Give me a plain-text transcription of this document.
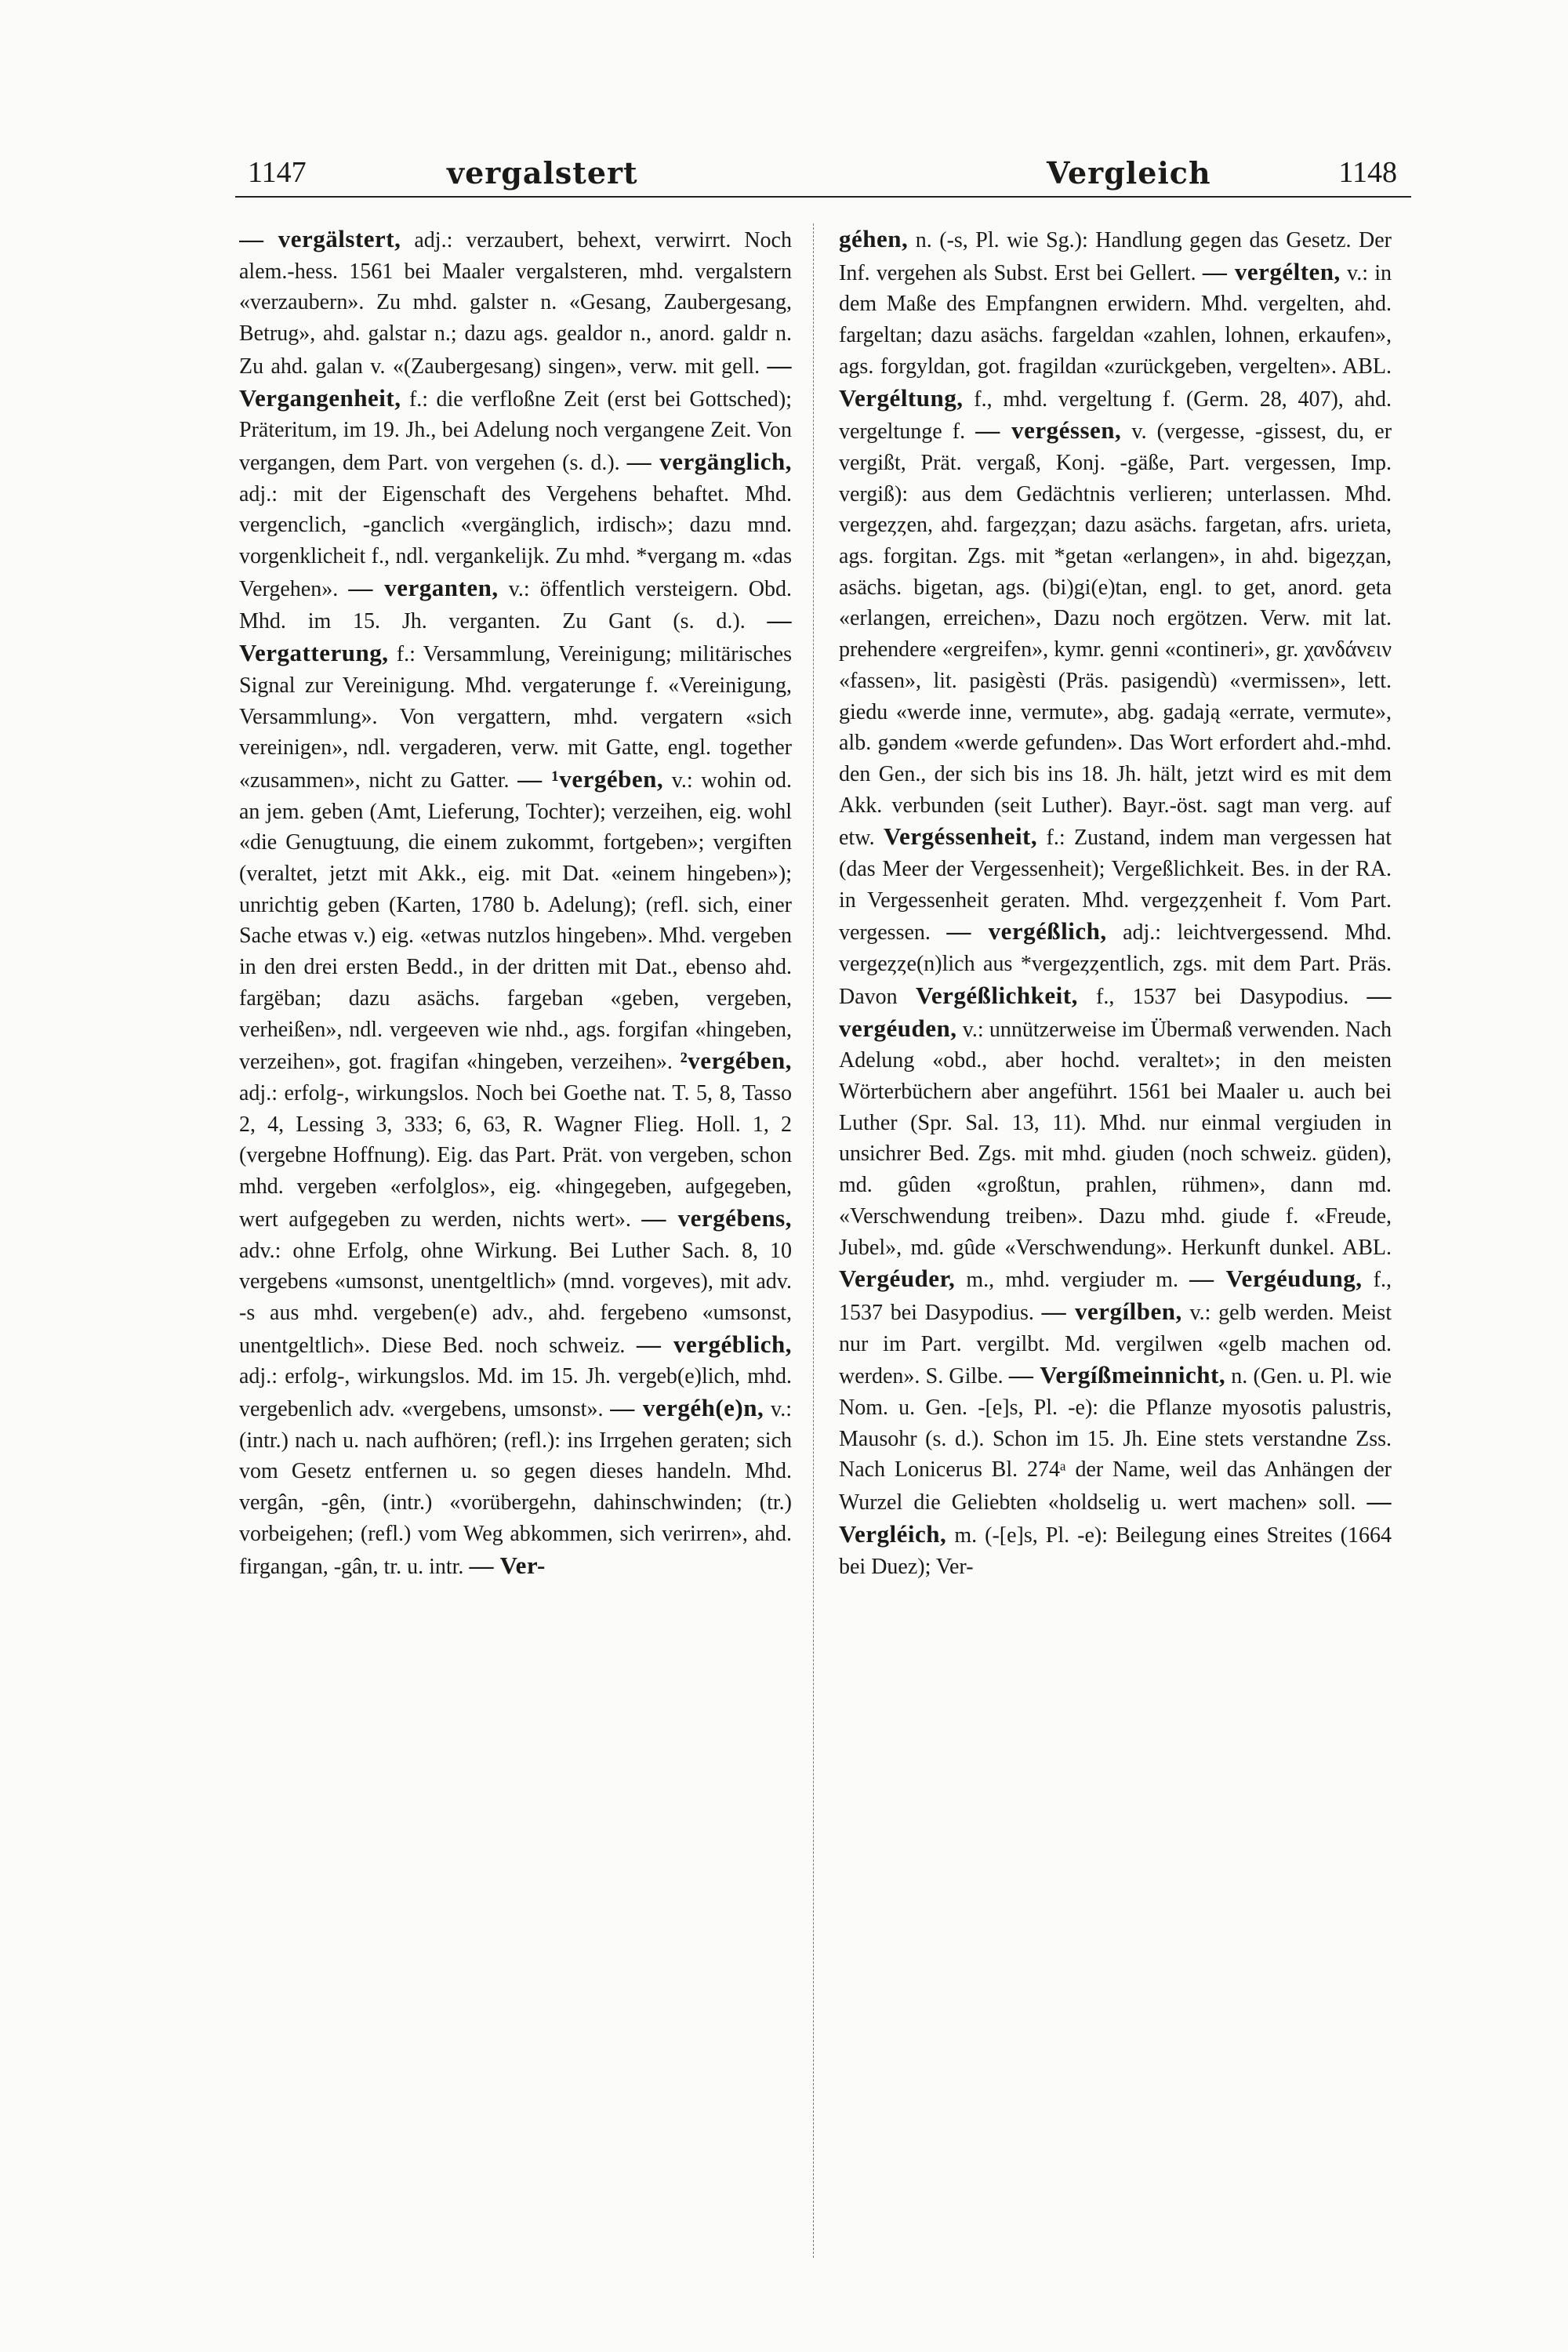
1147	vergalstert	Vergleich	1148

— vergälstert, adj.: verzaubert, behext, verwirrt. Noch alem.-hess. 1561 bei Maaler vergalsteren, mhd. vergalstern «verzaubern». Zu mhd. galster n. «Gesang, Zaubergesang, Betrug», ahd. galstar n.; dazu ags. gealdor n., anord. galdr n. Zu ahd. galan v. «(Zaubergesang) singen», verw. mit gell. — Vergangenheit, f.: die verfloßne Zeit (erst bei Gottsched); Präteritum, im 19. Jh., bei Adelung noch vergangene Zeit. Von vergangen, dem Part. von vergehen (s. d.). — vergänglich, adj.: mit der Eigenschaft des Vergehens behaftet. Mhd. vergenclich, -ganclich «vergänglich, irdisch»; dazu mnd. vorgenklicheit f., ndl. vergankelijk. Zu mhd. *vergang m. «das Vergehen». — verganten, v.: öffentlich versteigern. Obd. Mhd. im 15. Jh. verganten. Zu Gant (s. d.). — Vergatterung, f.: Versammlung, Vereinigung; militärisches Signal zur Vereinigung. Mhd. vergaterunge f. «Vereinigung, Versammlung». Von vergattern, mhd. vergatern «sich vereinigen», ndl. vergaderen, verw. mit Gatte, engl. together «zusammen», nicht zu Gatter. — ¹vergében, v.: wohin od. an jem. geben (Amt, Lieferung, Tochter); verzeihen, eig. wohl «die Genugtuung, die einem zukommt, fortgeben»; vergiften (veraltet, jetzt mit Akk., eig. mit Dat. «einem hingeben»); unrichtig geben (Karten, 1780 b. Adelung); (refl. sich, einer Sache etwas v.) eig. «etwas nutzlos hingeben». Mhd. vergeben in den drei ersten Bedd., in der dritten mit Dat., ebenso ahd. fargëban; dazu asächs. fargeban «geben, vergeben, verheißen», ndl. vergeeven wie nhd., ags. forgifan «hingeben, verzeihen», got. fragifan «hingeben, verzeihen». ²vergében, adj.: erfolg-, wirkungslos. Noch bei Goethe nat. T. 5, 8, Tasso 2, 4, Lessing 3, 333; 6, 63, R. Wagner Flieg. Holl. 1, 2 (vergebne Hoffnung). Eig. das Part. Prät. von vergeben, schon mhd. vergeben «erfolglos», eig. «hingegeben, aufgegeben, wert aufgegeben zu werden, nichts wert». — vergébens, adv.: ohne Erfolg, ohne Wirkung. Bei Luther Sach. 8, 10 vergebens «umsonst, unentgeltlich» (mnd. vorgeves), mit adv. -s aus mhd. vergeben(e) adv., ahd. fergebeno «umsonst, unentgeltlich». Diese Bed. noch schweiz. — vergéblich, adj.: erfolg-, wirkungslos. Md. im 15. Jh. vergeb(e)lich, mhd. vergebenlich adv. «vergebens, umsonst». — vergéh(e)n, v.: (intr.) nach u. nach aufhören; (refl.): ins Irrgehen geraten; sich vom Gesetz entfernen u. so gegen dieses handeln. Mhd. vergân, -gên, (intr.) «vorübergehn, dahinschwinden; (tr.) vorbeigehen; (refl.) vom Weg abkommen, sich verirren», ahd. firgangan, -gân, tr. u. intr. — Ver-

géhen, n. (-s, Pl. wie Sg.): Handlung gegen das Gesetz. Der Inf. vergehen als Subst. Erst bei Gellert. — vergélten, v.: in dem Maße des Empfangnen erwidern. Mhd. vergelten, ahd. fargeltan; dazu asächs. fargeldan «zahlen, lohnen, erkaufen», ags. forgyldan, got. fragildan «zurückgeben, vergelten». ABL. Vergéltung, f., mhd. vergeltung f. (Germ. 28, 407), ahd. vergeltunge f. — vergéssen, v. (vergesse, -gissest, du, er vergißt, Prät. vergaß, Konj. -gäße, Part. vergessen, Imp. vergiß): aus dem Gedächtnis verlieren; unterlassen. Mhd. vergeȥȥen, ahd. fargeȥȥan; dazu asächs. fargetan, afrs. urieta, ags. forgitan. Zgs. mit *getan «erlangen», in ahd. bigeȥȥan, asächs. bigetan, ags. (bi)gi(e)tan, engl. to get, anord. geta «erlangen, erreichen», Dazu noch ergötzen. Verw. mit lat. prehendere «ergreifen», kymr. genni «contineri», gr. χανδάνειν «fassen», lit. pasigèsti (Präs. pasigendù) «vermissen», lett. giedu «werde inne, vermute», abg. gadają «errate, vermute», alb. gəndem «werde gefunden». Das Wort erfordert ahd.-mhd. den Gen., der sich bis ins 18. Jh. hält, jetzt wird es mit dem Akk. verbunden (seit Luther). Bayr.-öst. sagt man verg. auf etw. Vergéssenheit, f.: Zustand, indem man vergessen hat (das Meer der Vergessenheit); Vergeßlichkeit. Bes. in der RA. in Vergessenheit geraten. Mhd. vergeȥȥenheit f. Vom Part. vergessen. — vergéßlich, adj.: leichtvergessend. Mhd. vergeȥȥe(n)lich aus *vergeȥȥentlich, zgs. mit dem Part. Präs. Davon Vergéßlichkeit, f., 1537 bei Dasypodius. — vergéuden, v.: unnützerweise im Übermaß verwenden. Nach Adelung «obd., aber hochd. veraltet»; in den meisten Wörterbüchern aber angeführt. 1561 bei Maaler u. auch bei Luther (Spr. Sal. 13, 11). Mhd. nur einmal vergiuden in unsichrer Bed. Zgs. mit mhd. giuden (noch schweiz. güden), md. gûden «großtun, prahlen, rühmen», dann md. «Verschwendung treiben». Dazu mhd. giude f. «Freude, Jubel», md. gûde «Verschwendung». Herkunft dunkel. ABL. Vergéuder, m., mhd. vergiuder m. — Vergéudung, f., 1537 bei Dasypodius. — vergílben, v.: gelb werden. Meist nur im Part. vergilbt. Md. vergilwen «gelb machen od. werden». S. Gilbe. — Vergíßmeinnicht, n. (Gen. u. Pl. wie Nom. u. Gen. -[e]s, Pl. -e): die Pflanze myosotis palustris, Mausohr (s. d.). Schon im 15. Jh. Eine stets verstandne Zss. Nach Lonicerus Bl. 274ᵃ der Name, weil das Anhängen der Wurzel die Geliebten «holdselig u. wert machen» soll. — Vergléich, m. (-[e]s, Pl. -e): Beilegung eines Streites (1664 bei Duez); Ver-
